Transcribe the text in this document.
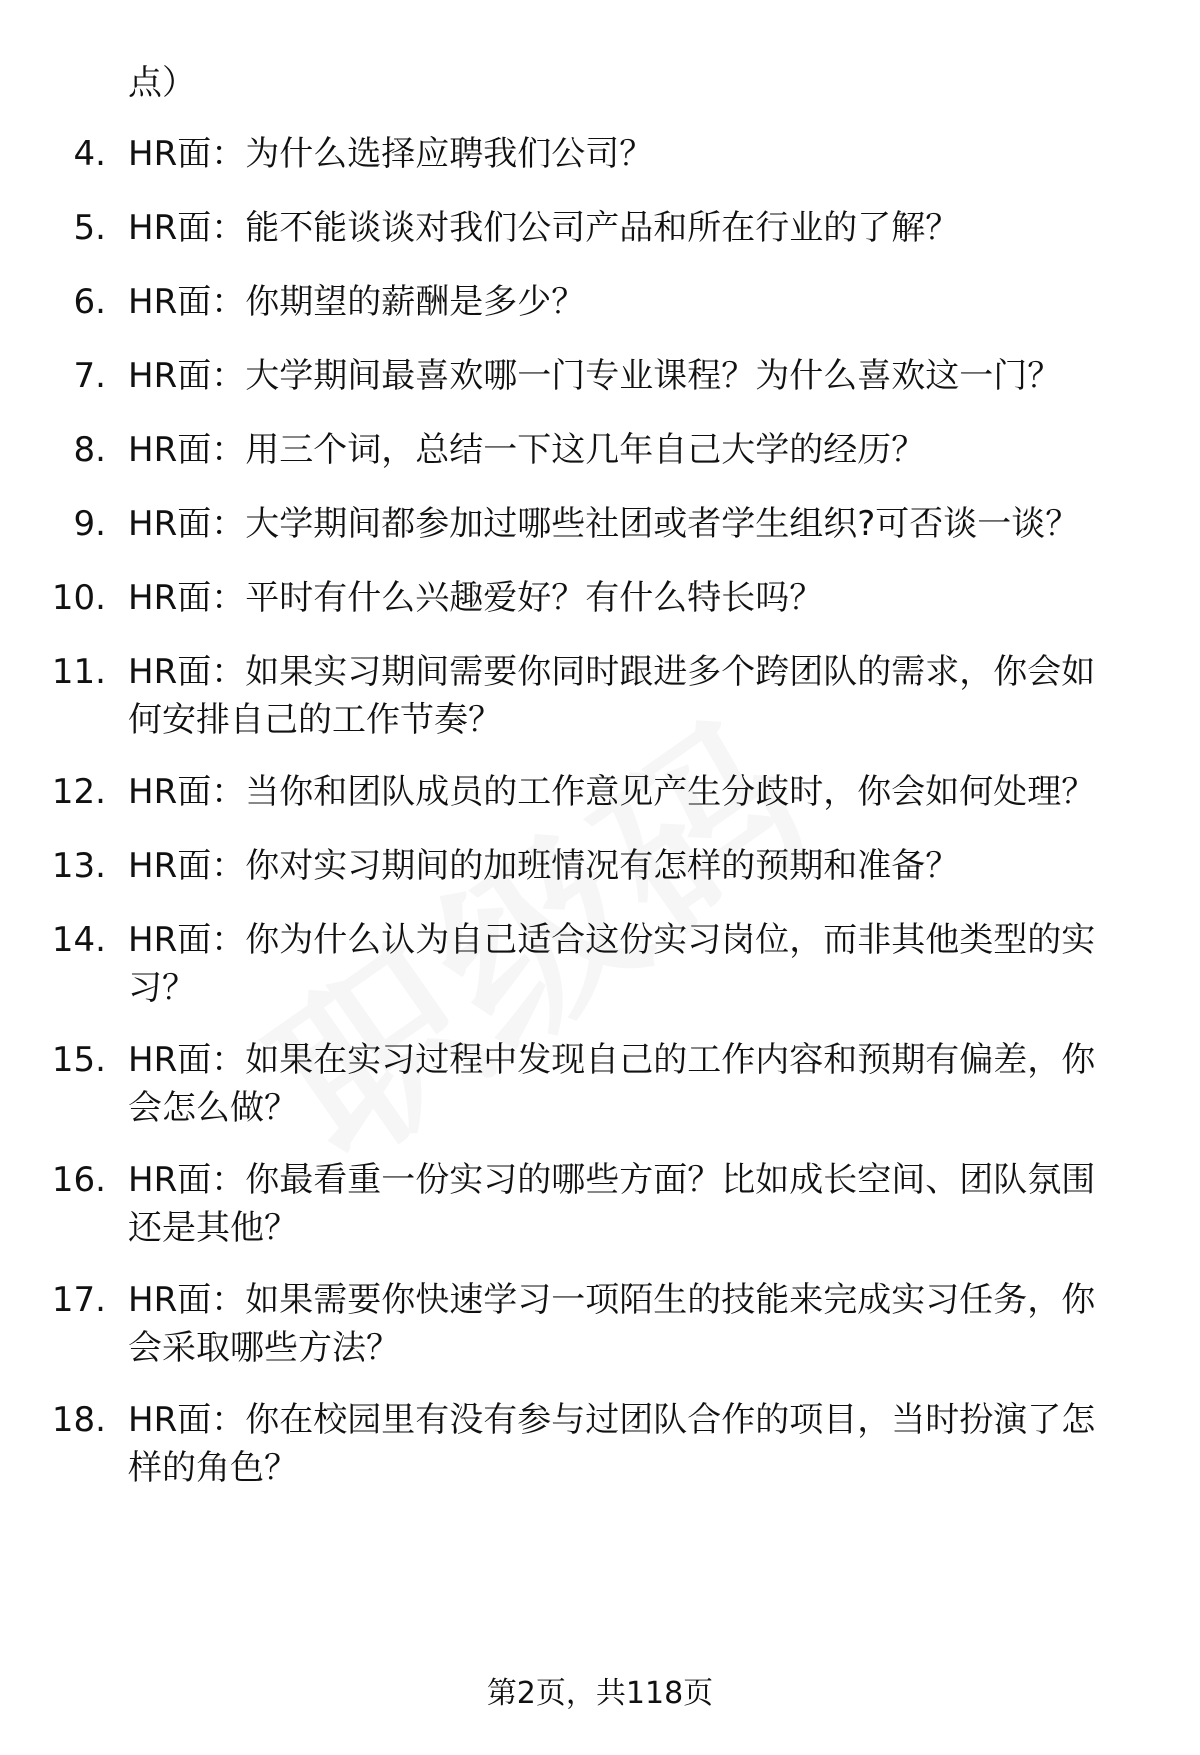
点）
4. HR面：为什么选择应聘我们公司？
5. HR面：能不能谈谈对我们公司产品和所在行业的了解？
6. HR面：你期望的薪酬是多少？
7. HR面：大学期间最喜欢哪一门专业课程？为什么喜欢这一门？
8. HR面：用三个词，总结一下这几年自己大学的经历？
9. HR面：大学期间都参加过哪些社团或者学生组织?可否谈一谈？
10. HR面：平时有什么兴趣爱好？有什么特长吗？
11. HR面：如果实习期间需要你同时跟进多个跨团队的需求，你会如
何安排自己的工作节奏？
12. HR面：当你和团队成员的工作意见产生分歧时，你会如何处理？
13. HR面：你对实习期间的加班情况有怎样的预期和准备？
14. HR面：你为什么认为自己适合这份实习岗位，而非其他类型的实
习？
15. HR面：如果在实习过程中发现自己的工作内容和预期有偏差，你
会怎么做？
16. HR面：你最看重一份实习的哪些方面？比如成长空间、团队氛围
还是其他？
17. HR面：如果需要你快速学习一项陌生的技能来完成实习任务，你
会采取哪些方法？
18. HR面：你在校园里有没有参与过团队合作的项目，当时扮演了怎
样的角色？
第2页，共118页
